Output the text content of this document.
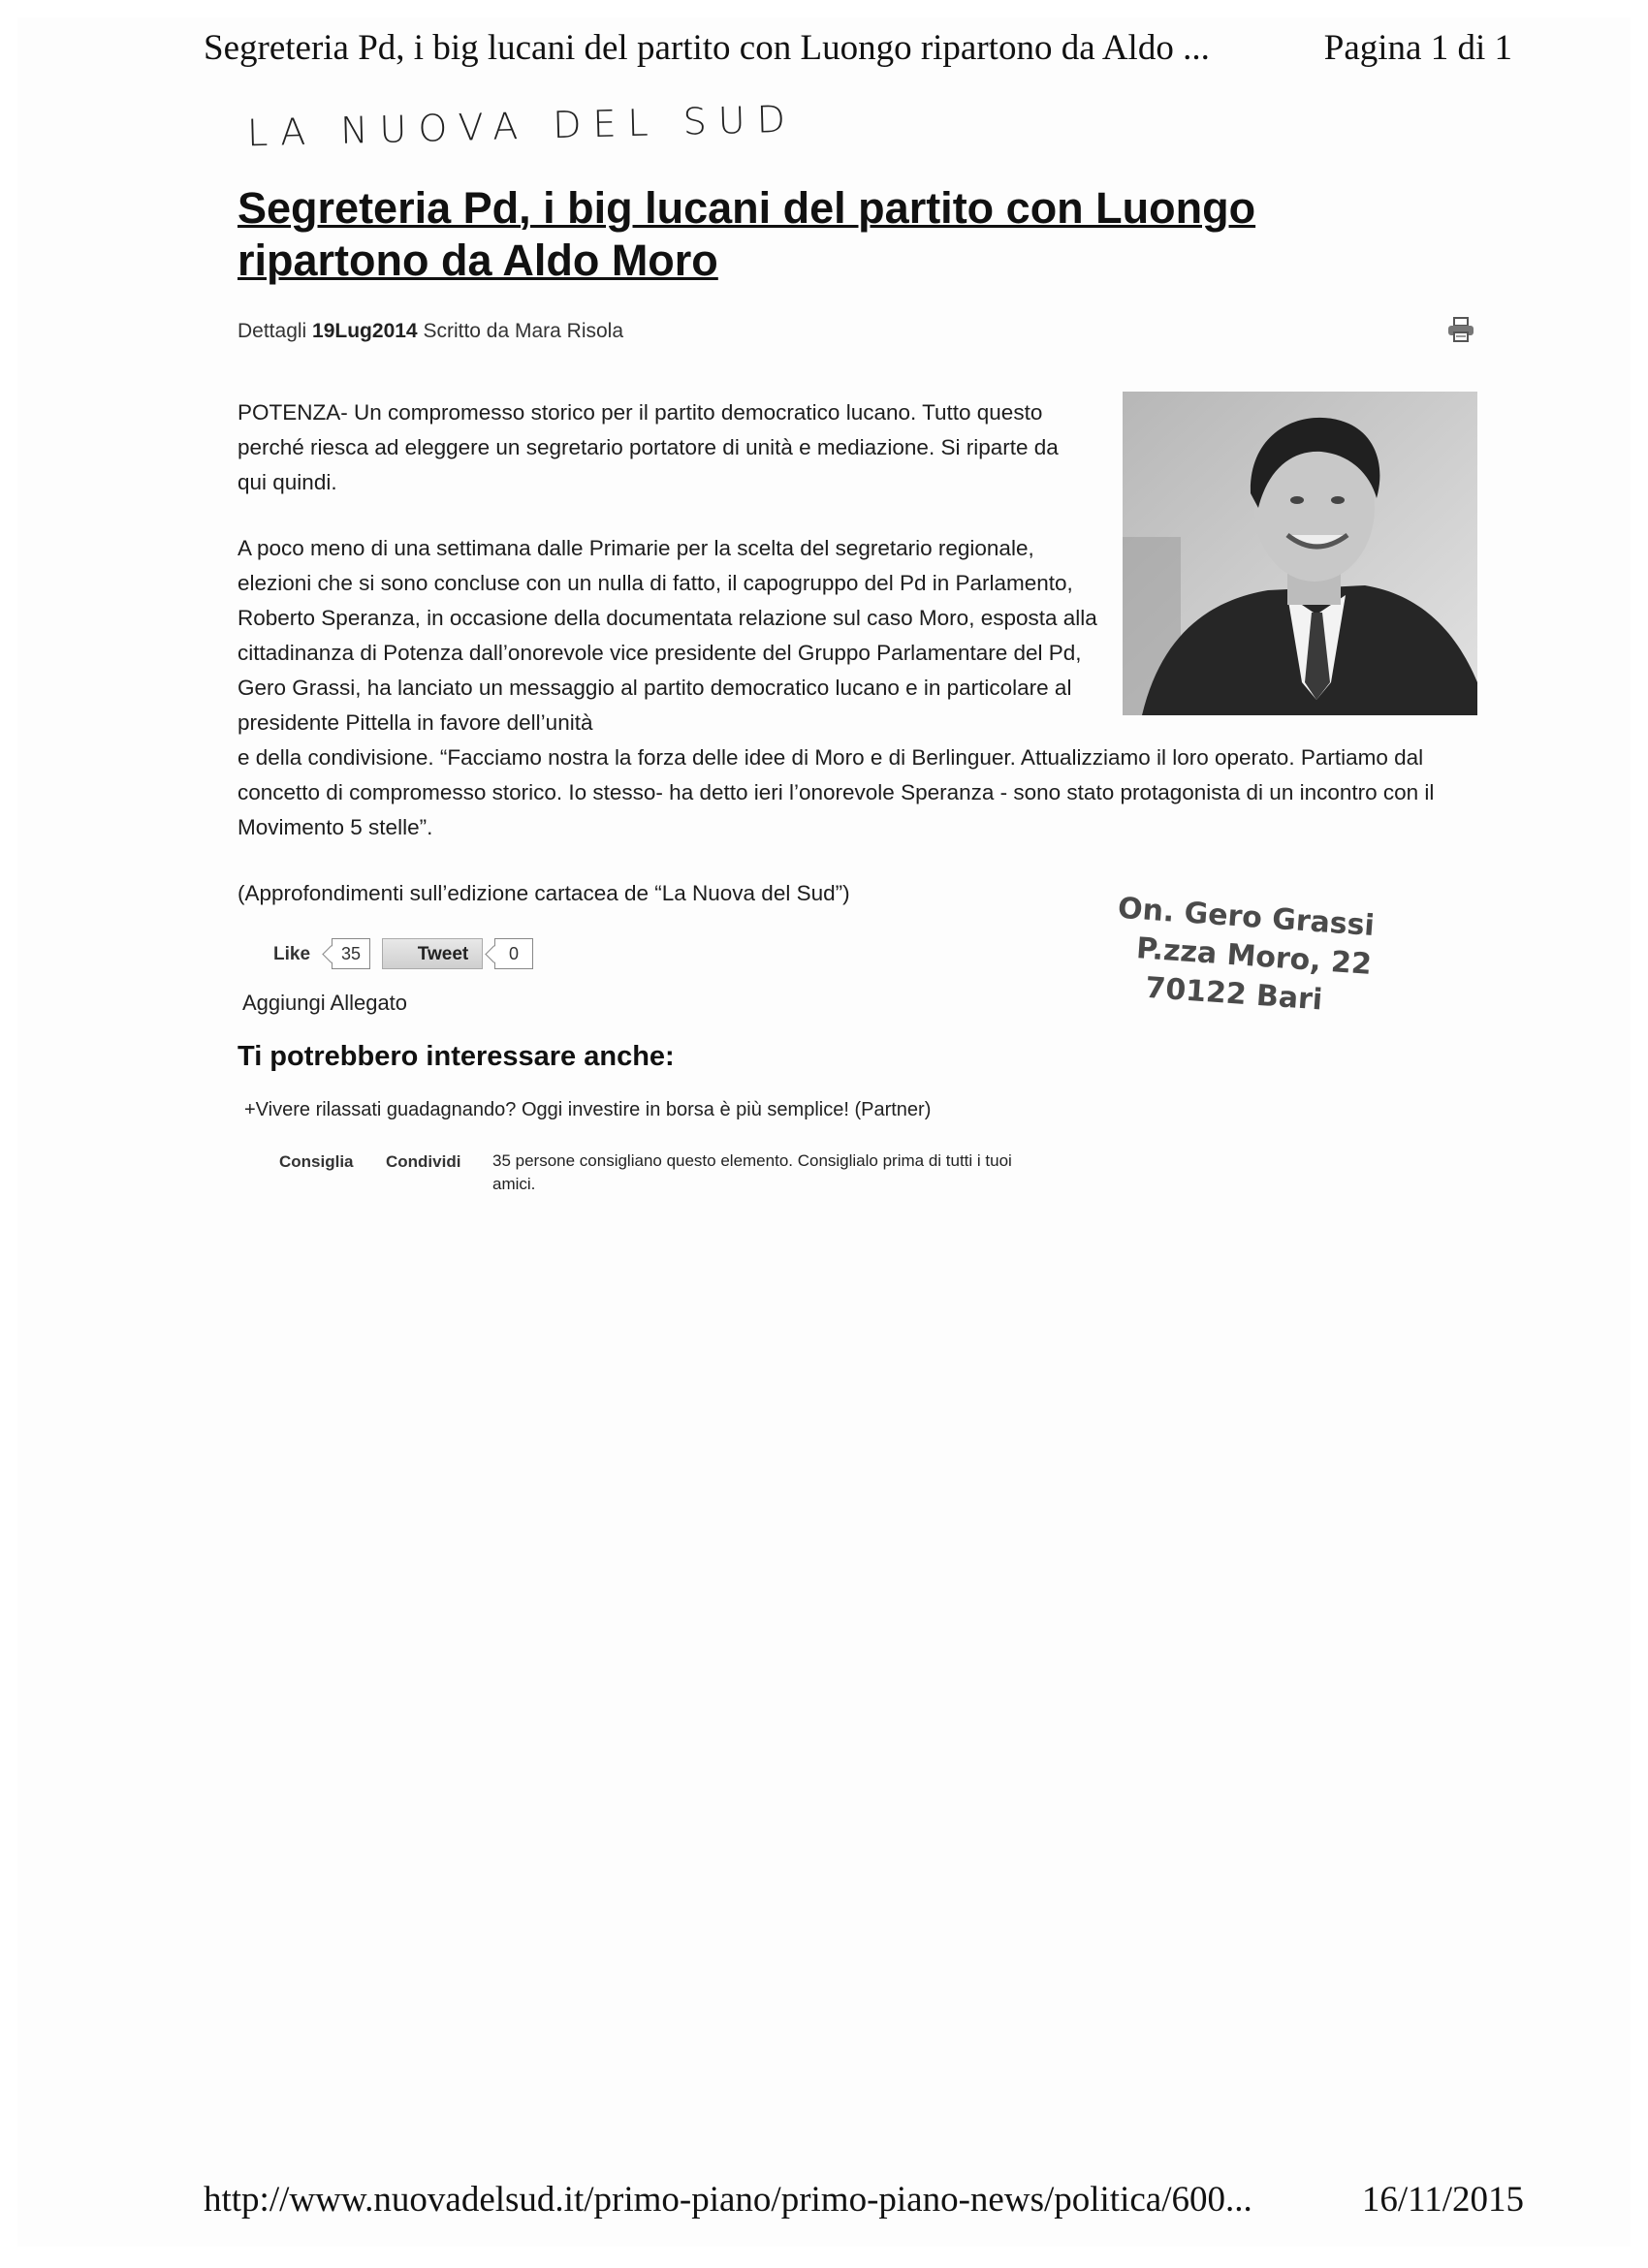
Segreteria Pd, i big lucani del partito con Luongo ripartono da Aldo ...	Pagina 1 di 1
LA NUOVA DEL SUD
Segreteria Pd, i big lucani del partito con Luongo ripartono da Aldo Moro
Dettagli 19Lug2014 Scritto da Mara Risola

POTENZA- Un compromesso storico per il partito democratico lucano. Tutto questo perché riesca ad eleggere un segretario portatore di unità e mediazione. Si riparte da qui quindi.

A poco meno di una settimana dalle Primarie per la scelta del segretario regionale, elezioni che si sono concluse con un nulla di fatto, il capogruppo del Pd in Parlamento, Roberto Speranza, in occasione della documentata relazione sul caso Moro, esposta alla cittadinanza di Potenza dall’onorevole vice presidente del Gruppo Parlamentare del Pd, Gero Grassi, ha lanciato un messaggio al partito democratico lucano e in particolare al presidente Pittella in favore dell’unità

e della condivisione. “Facciamo nostra la forza delle idee di Moro e di Berlinguer. Attualizziamo il loro operato. Partiamo dal concetto di compromesso storico. Io stesso- ha detto ieri l’onorevole Speranza - sono stato protagonista di un incontro con il Movimento 5 stelle”.

(Approfondimenti sull’edizione cartacea de “La Nuova del Sud”)

Like	35	Tweet	0
Aggiungi Allegato
Ti potrebbero interessare anche:
+Vivere rilassati guadagnando? Oggi investire in borsa è più semplice! (Partner)
Consiglia Condividi 35 persone consigliano questo elemento. Consiglialo prima di tutti i tuoi amici.
On. Gero Grassi
P.zza Moro, 22
70122 Bari
http://www.nuovadelsud.it/primo-piano/primo-piano-news/politica/600...	16/11/2015
